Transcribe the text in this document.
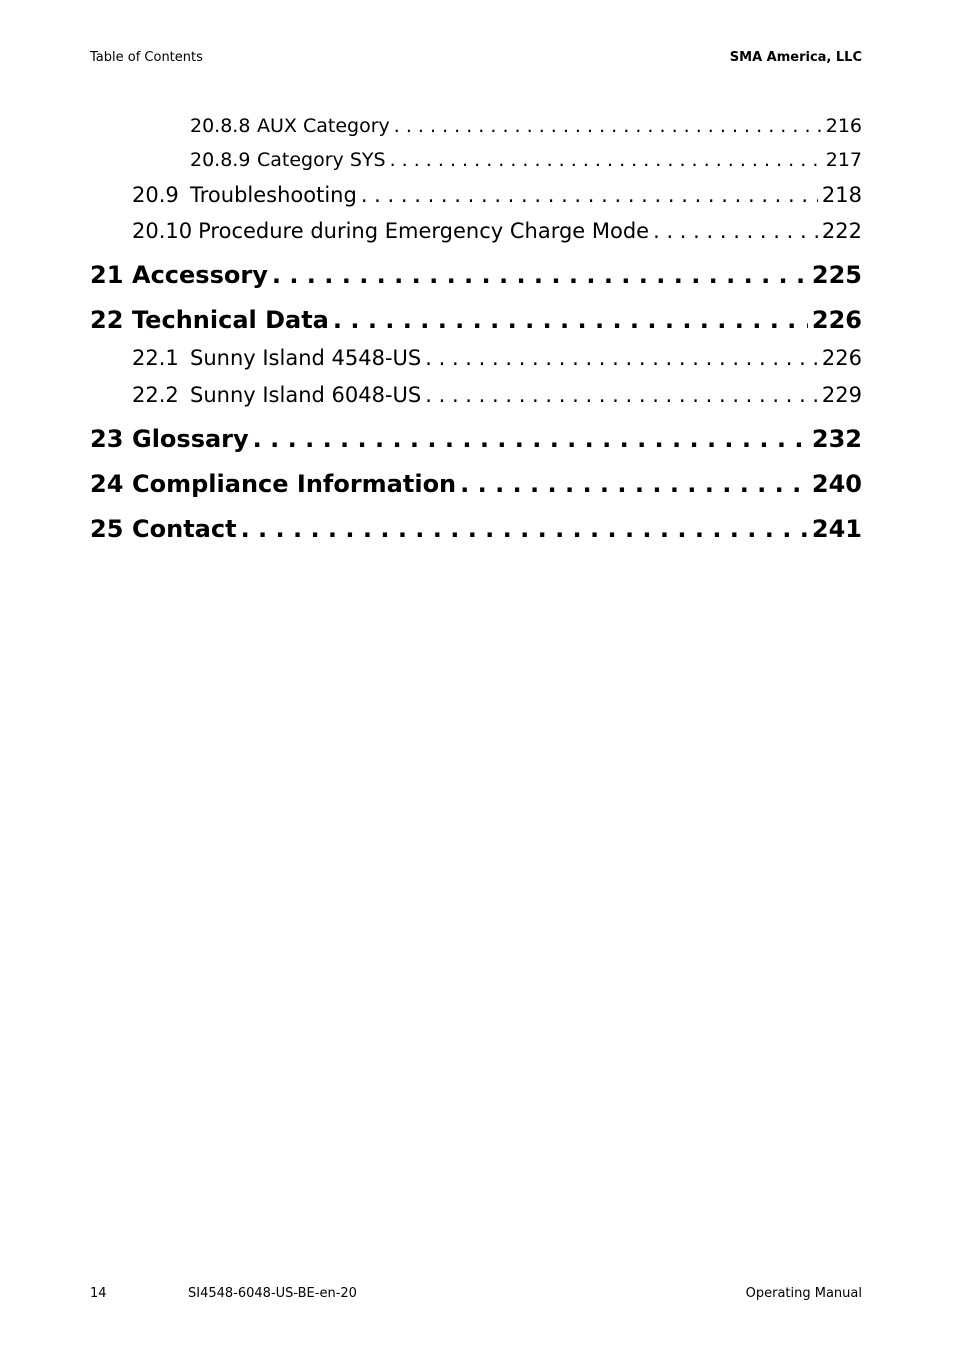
Table of Contents	SMA America, LLC
20.8.8 AUX Category . . .	216
20.8.9 Category SYS . . .	217
20.9 Troubleshooting . . .	218
20.10 Procedure during Emergency Charge Mode . . .	222
21 Accessory . . .	225
22 Technical Data . . .	226
22.1 Sunny Island 4548-US . . .	226
22.2 Sunny Island 6048-US . . .	229
23 Glossary . . .	232
24 Compliance Information . . .	240
25 Contact . . .	241
14	SI4548-6048-US-BE-en-20	Operating Manual
